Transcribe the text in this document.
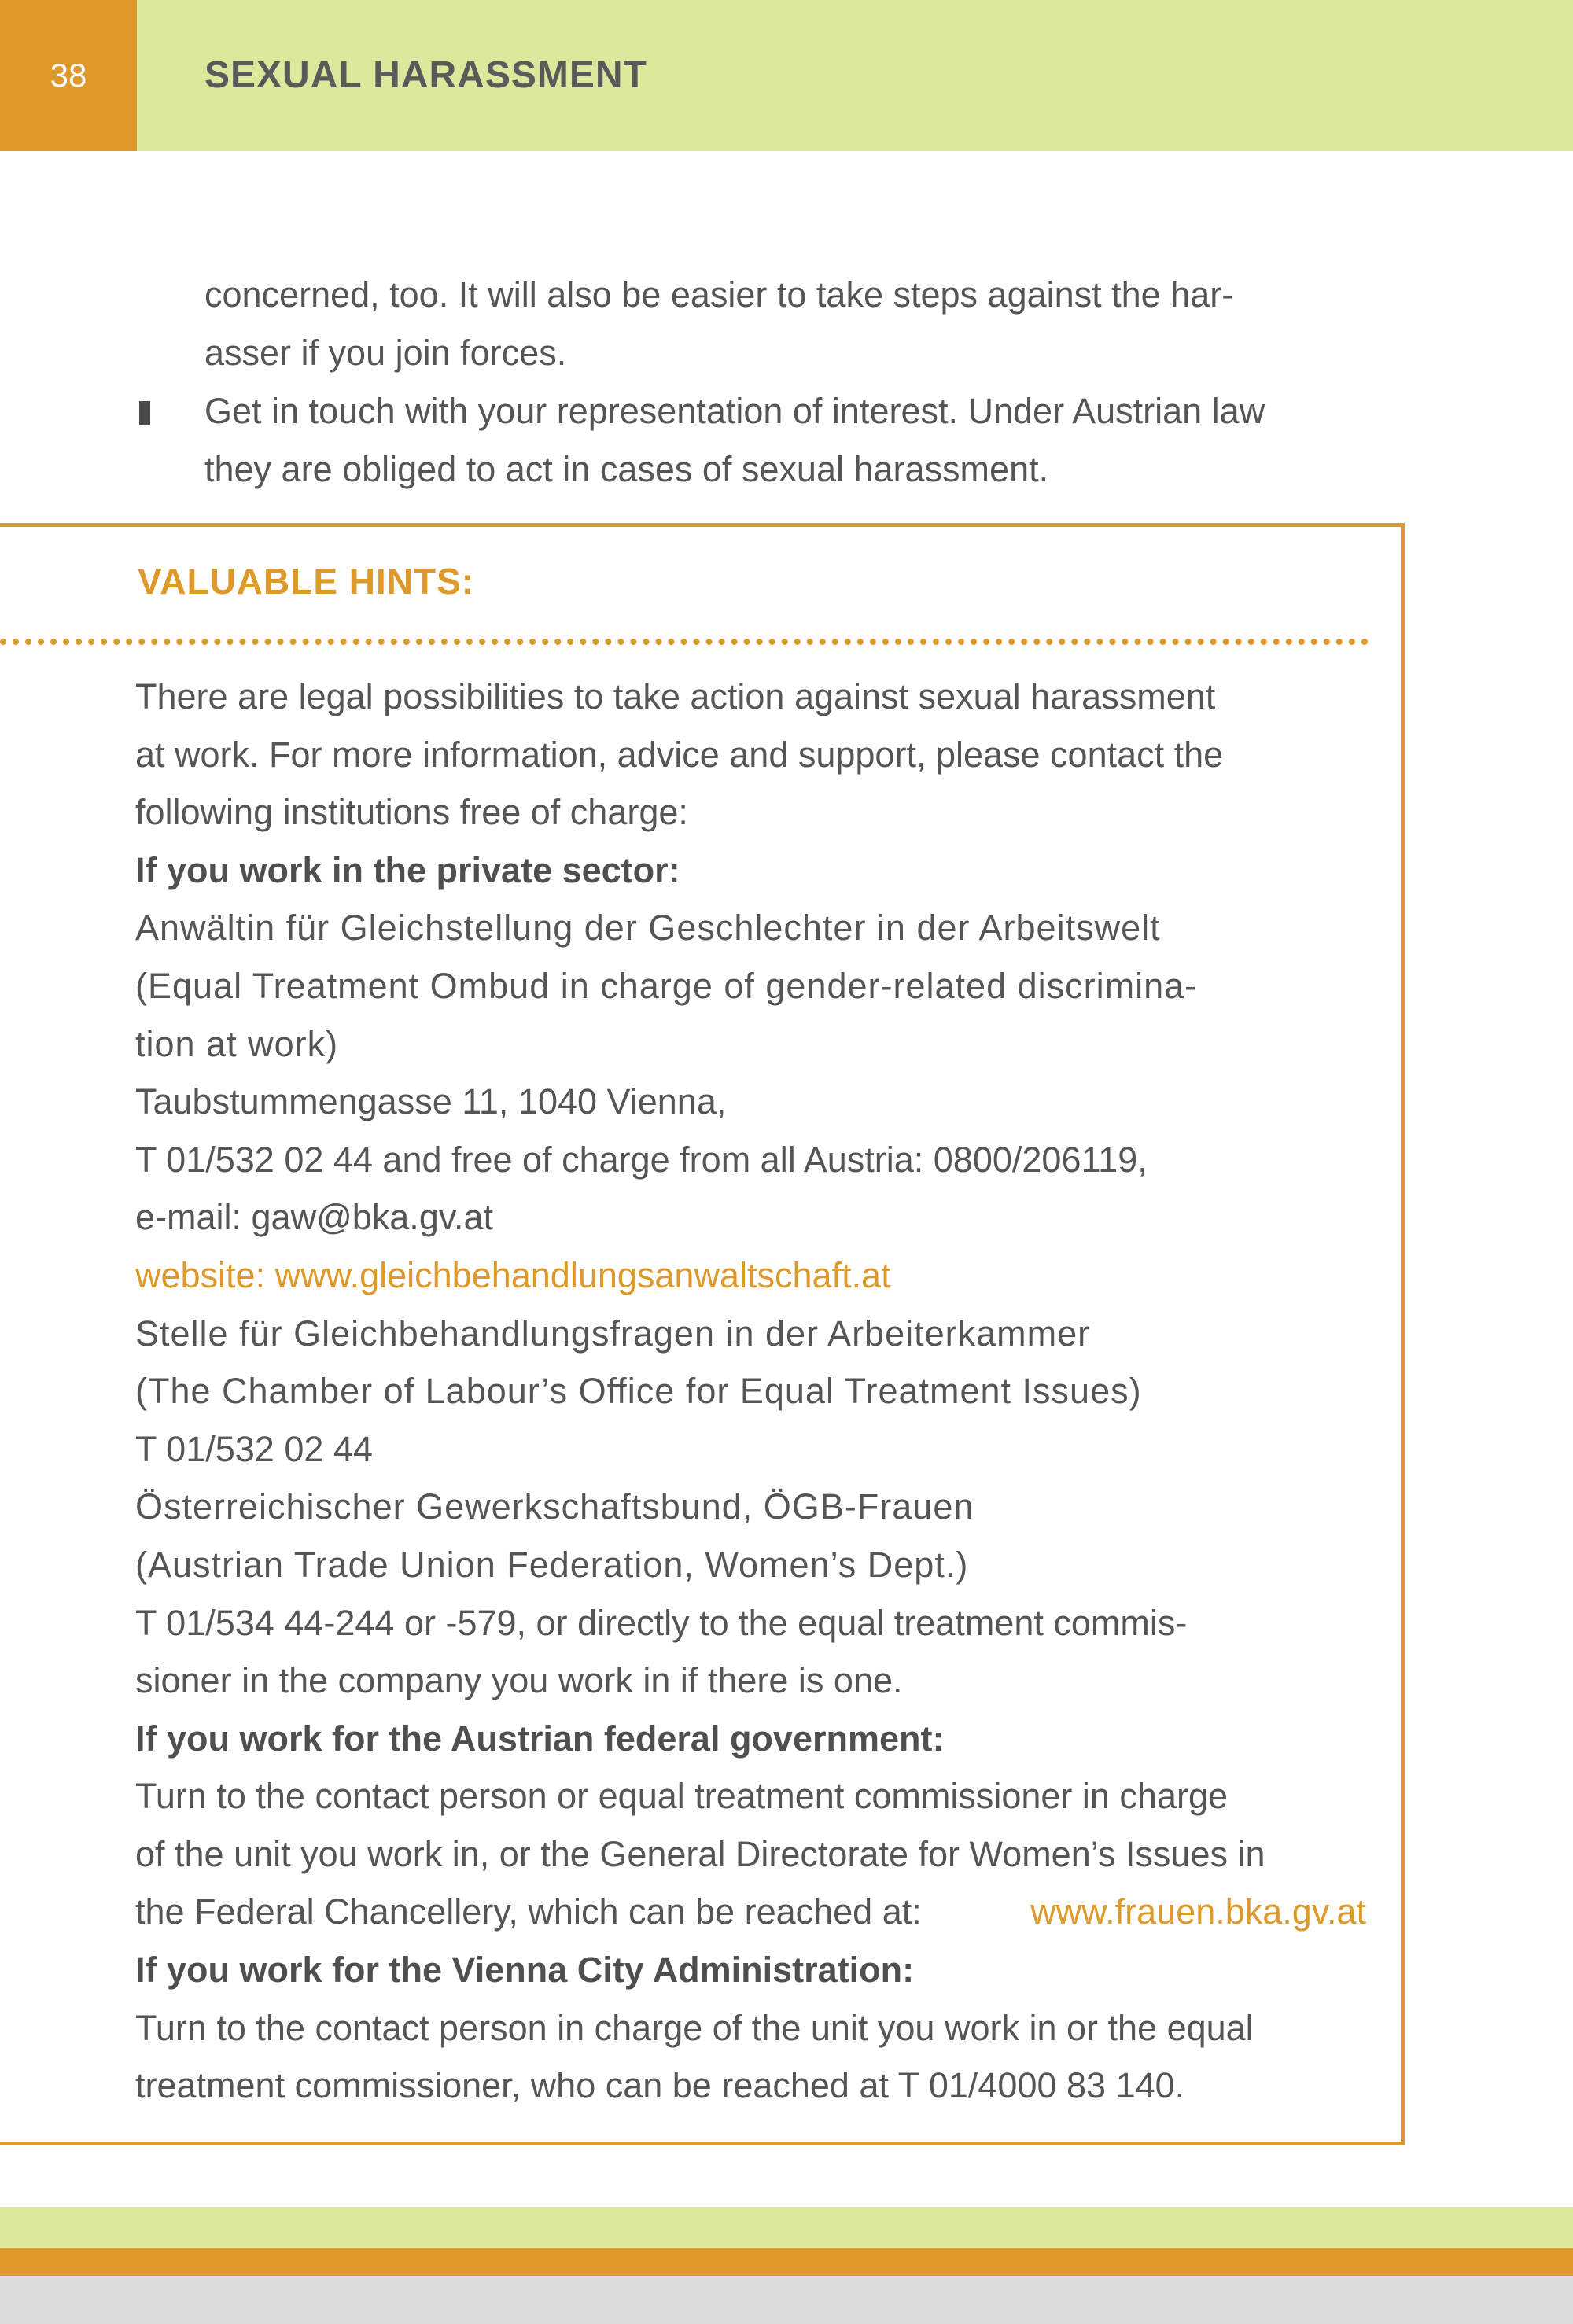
38	SEXUAL HARASSMENT

concerned, too. It will also be easier to take steps against the har-

asser if you join forces.

Get in touch with your representation of interest. Under Austrian law

they are obliged to act in cases of sexual harassment.

VALUABLE HINTS:
There are legal possibilities to take action against sexual harassment
at work. For more information, advice and support, please contact the
following institutions free of charge:
If you work in the private sector:
Anwältin für Gleichstellung der Geschlechter in der Arbeitswelt
(Equal Treatment Ombud in charge of gender-related discrimina-
tion at work)
Taubstummengasse 11, 1040 Vienna,
T 01/532 02 44 and free of charge from all Austria: 0800/206119,
e-mail: gaw@bka.gv.at
website: www.gleichbehandlungsanwaltschaft.at
Stelle für Gleichbehandlungsfragen in der Arbeiterkammer
(The Chamber of Labour’s Office for Equal Treatment Issues)
T 01/532 02 44
Österreichischer Gewerkschaftsbund, ÖGB-Frauen
(Austrian Trade Union Federation, Women’s Dept.)
T 01/534 44-244 or -579, or directly to the equal treatment commis-
sioner in the company you work in if there is one.
If you work for the Austrian federal government:
Turn to the contact person or equal treatment commissioner in charge
of the unit you work in, or the General Directorate for Women’s Issues in
the Federal Chancellery, which can be reached at:	www.frauen.bka.gv.at
If you work for the Vienna City Administration:
Turn to the contact person in charge of the unit you work in or the equal
treatment commissioner, who can be reached at T 01/4000 83 140.
